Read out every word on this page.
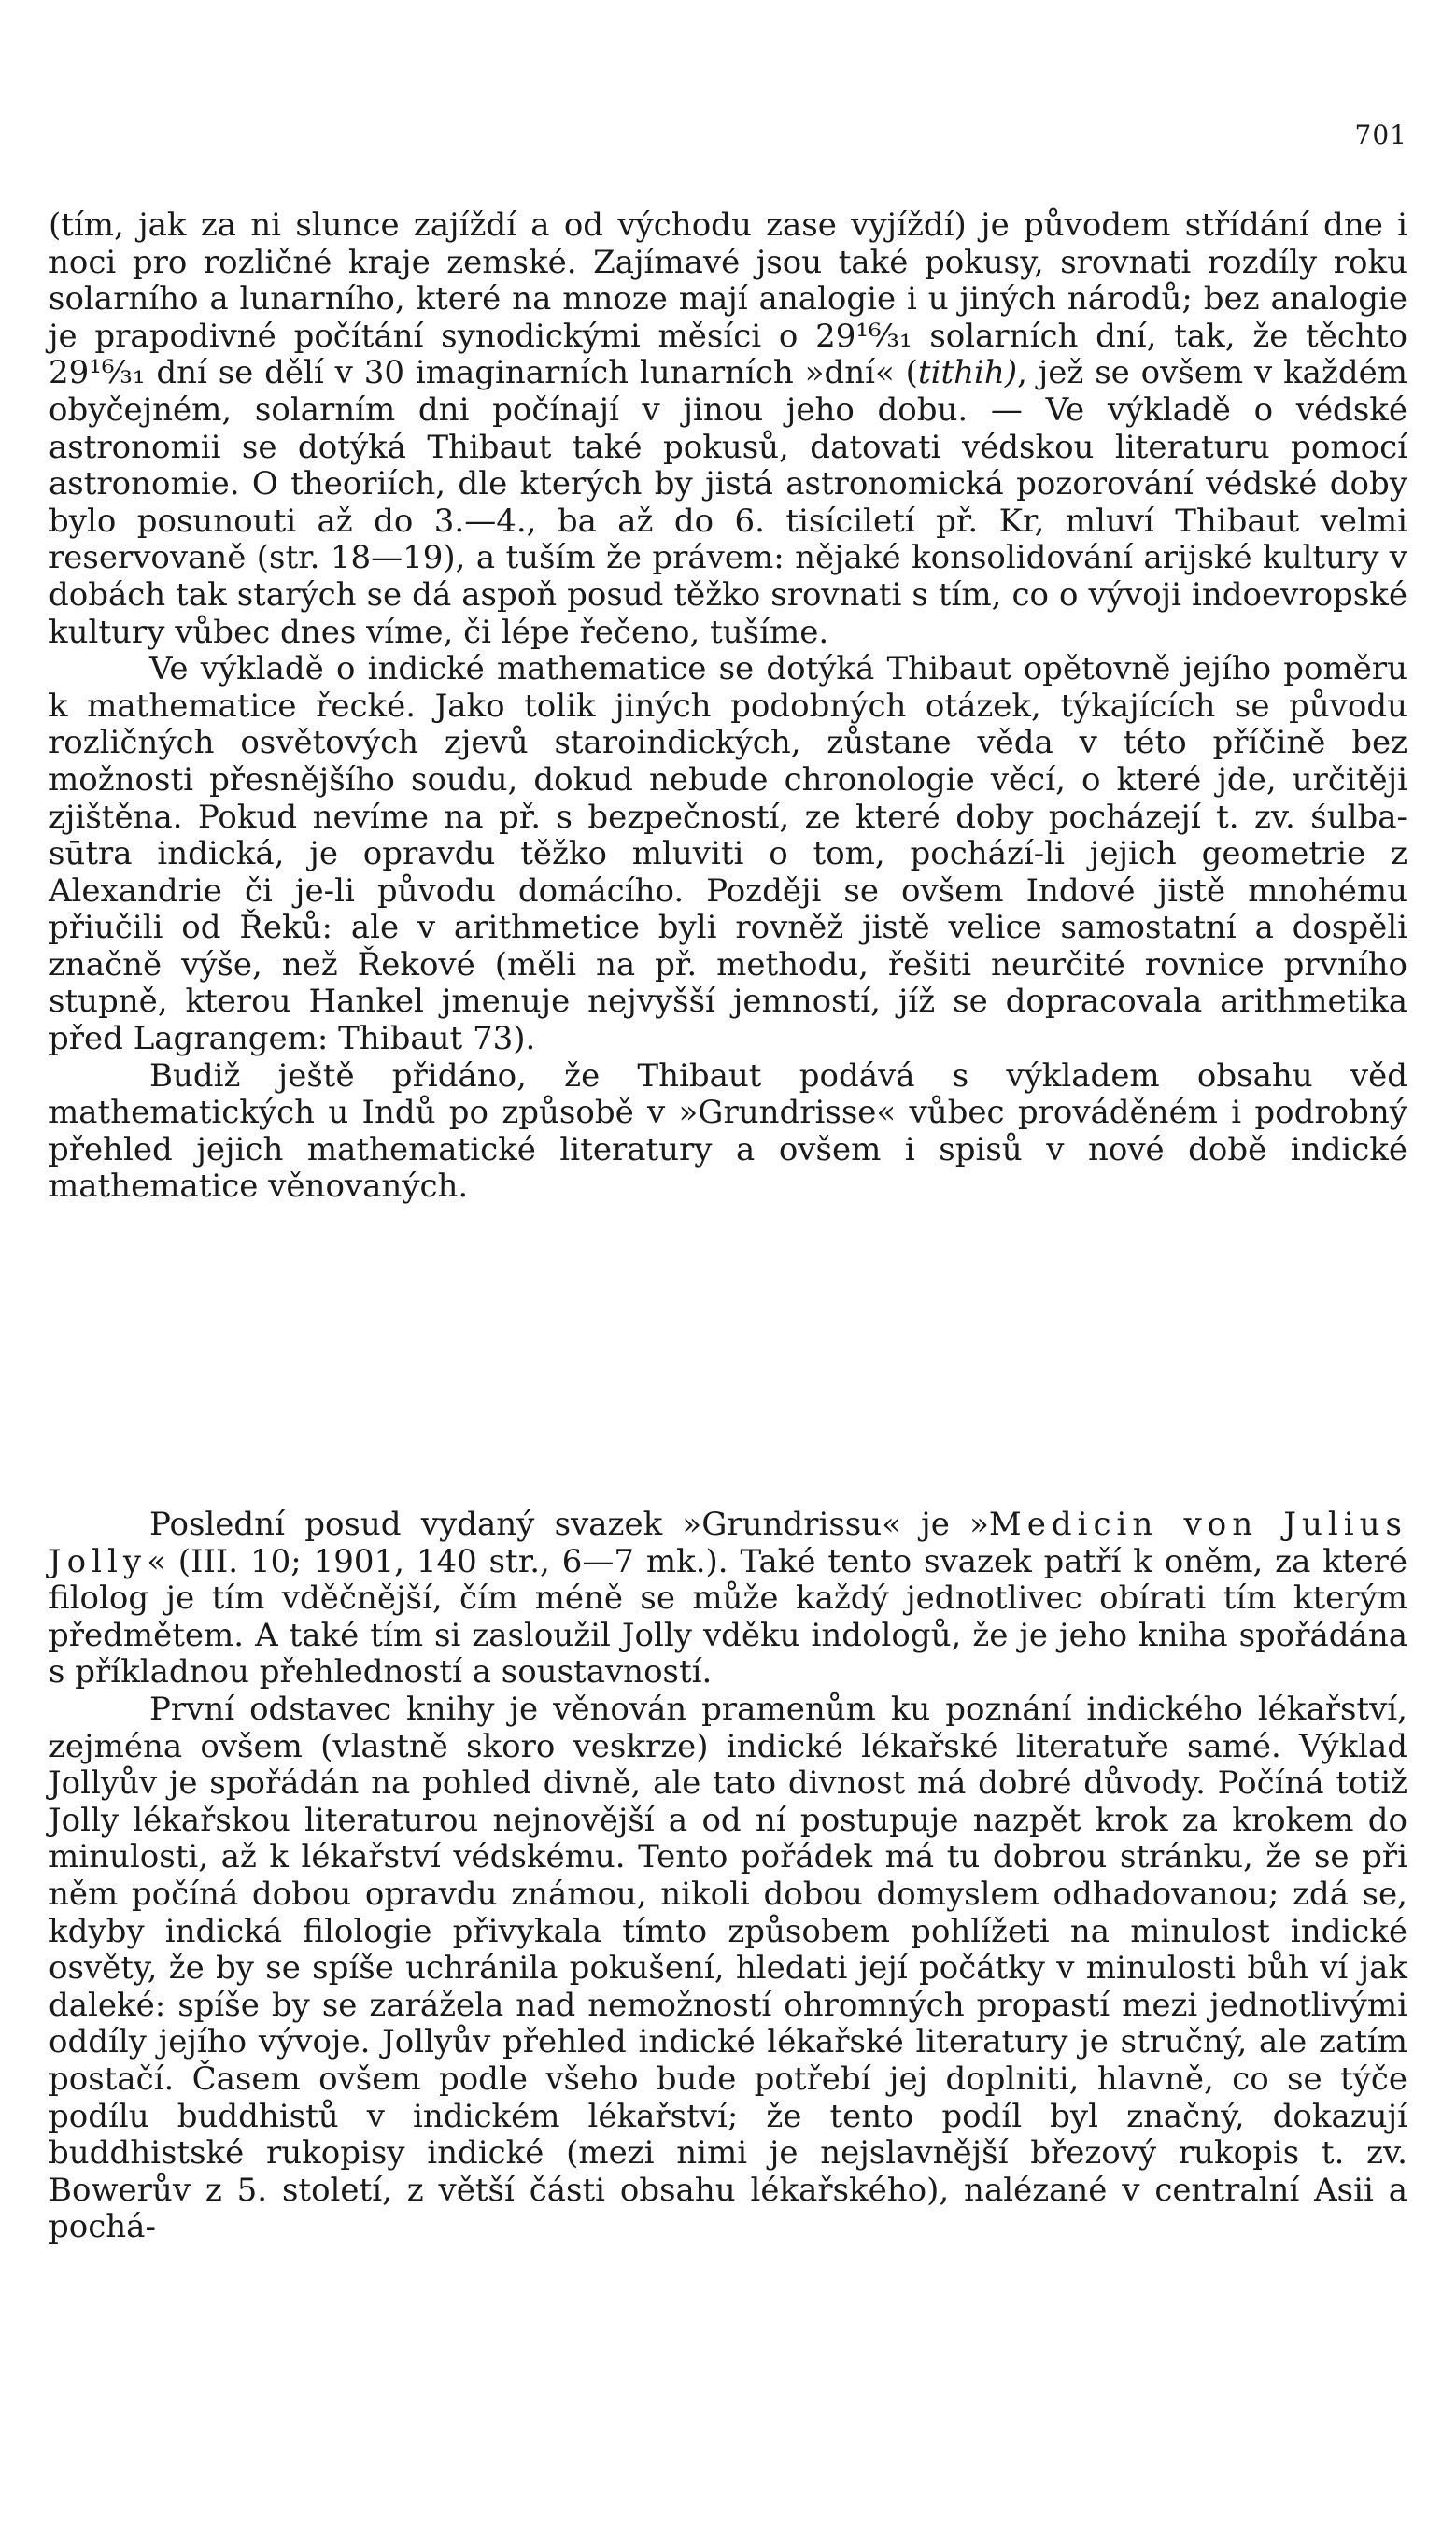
701

(tím, jak za ni slunce zajíždí a od východu zase vyjíždí) je původem střídání dne i noci pro rozličné kraje zemské. Zajímavé jsou také pokusy, srovnati rozdíly roku solarního a lunarního, které na mnoze mají analogie i u jiných národů; bez analogie je prapodivné počítání synodickými měsíci o 29¹⁶⁄₃₁ solarních dní, tak, že těchto 29¹⁶⁄₃₁ dní se dělí v 30 imaginarních lunarních »dní« (tithih), jež se ovšem v každém obyčejném, solarním dni počínají v jinou jeho dobu. — Ve výkladě o védské astronomii se dotýká Thibaut také pokusů, datovati védskou literaturu pomocí astronomie. O theoriích, dle kterých by jistá astronomická pozorování védské doby bylo posunouti až do 3.—4., ba až do 6. tisíciletí př. Kr, mluví Thibaut velmi reservovaně (str. 18—19), a tuším že právem: nějaké konsolidování arijské kultury v dobách tak starých se dá aspoň posud těžko srovnati s tím, co o vývoji indoevropské kultury vůbec dnes víme, či lépe řečeno, tušíme.

Ve výkladě o indické mathematice se dotýká Thibaut opětovně jejího poměru k mathematice řecké. Jako tolik jiných podobných otázek, týkajících se původu rozličných osvětových zjevů staroindických, zůstane věda v této příčině bez možnosti přesnějšího soudu, dokud nebude chronologie věcí, o které jde, určitěji zjištěna. Pokud nevíme na př. s bezpečností, ze které doby pocházejí t. zv. śulba-sūtra indická, je opravdu těžko mluviti o tom, pochází-li jejich geometrie z Alexandrie či je-li původu domácího. Později se ovšem Indové jistě mnohému přiučili od Řeků: ale v arithmetice byli rovněž jistě velice samostatní a dospěli značně výše, než Řekové (měli na př. methodu, řešiti neurčité rovnice prvního stupně, kterou Hankel jmenuje nejvyšší jemností, jíž se dopracovala arithmetika před Lagrangem: Thibaut 73).

Budiž ještě přidáno, že Thibaut podává s výkladem obsahu věd mathematických u Indů po způsobě v »Grundrisse« vůbec prováděném i podrobný přehled jejich mathematické literatury a ovšem i spisů v nové době indické mathematice věnovaných.

Poslední posud vydaný svazek »Grundrissu« je »Medicin von Julius Jolly« (III. 10; 1901, 140 str., 6—7 mk.). Také tento svazek patří k oněm, za které filolog je tím vděčnější, čím méně se může každý jednotlivec obírati tím kterým předmětem. A také tím si zasloužil Jolly vděku indologů, že je jeho kniha spořádána s příkladnou přehledností a soustavností.

První odstavec knihy je věnován pramenům ku poznání indického lékařství, zejména ovšem (vlastně skoro veskrze) indické lékařské literatuře samé. Výklad Jollyův je spořádán na pohled divně, ale tato divnost má dobré důvody. Počíná totiž Jolly lékařskou literaturou nejnovější a od ní postupuje nazpět krok za krokem do minulosti, až k lékařství védskému. Tento pořádek má tu dobrou stránku, že se při něm počíná dobou opravdu známou, nikoli dobou domyslem odhadovanou; zdá se, kdyby indická filologie přivykala tímto způsobem pohlížeti na minulost indické osvěty, že by se spíše uchránila pokušení, hledati její počátky v minulosti bůh ví jak daleké: spíše by se zarážela nad nemožností ohromných propastí mezi jednotlivými oddíly jejího vývoje. Jollyův přehled indické lékařské literatury je stručný, ale zatím postačí. Časem ovšem podle všeho bude potřebí jej doplniti, hlavně, co se týče podílu buddhistů v indickém lékařství; že tento podíl byl značný, dokazují buddhistské rukopisy indické (mezi nimi je nejslavnější březový rukopis t. zv. Bowerův z 5. století, z větší části obsahu lékařského), nalézané v centralní Asii a pochá-
